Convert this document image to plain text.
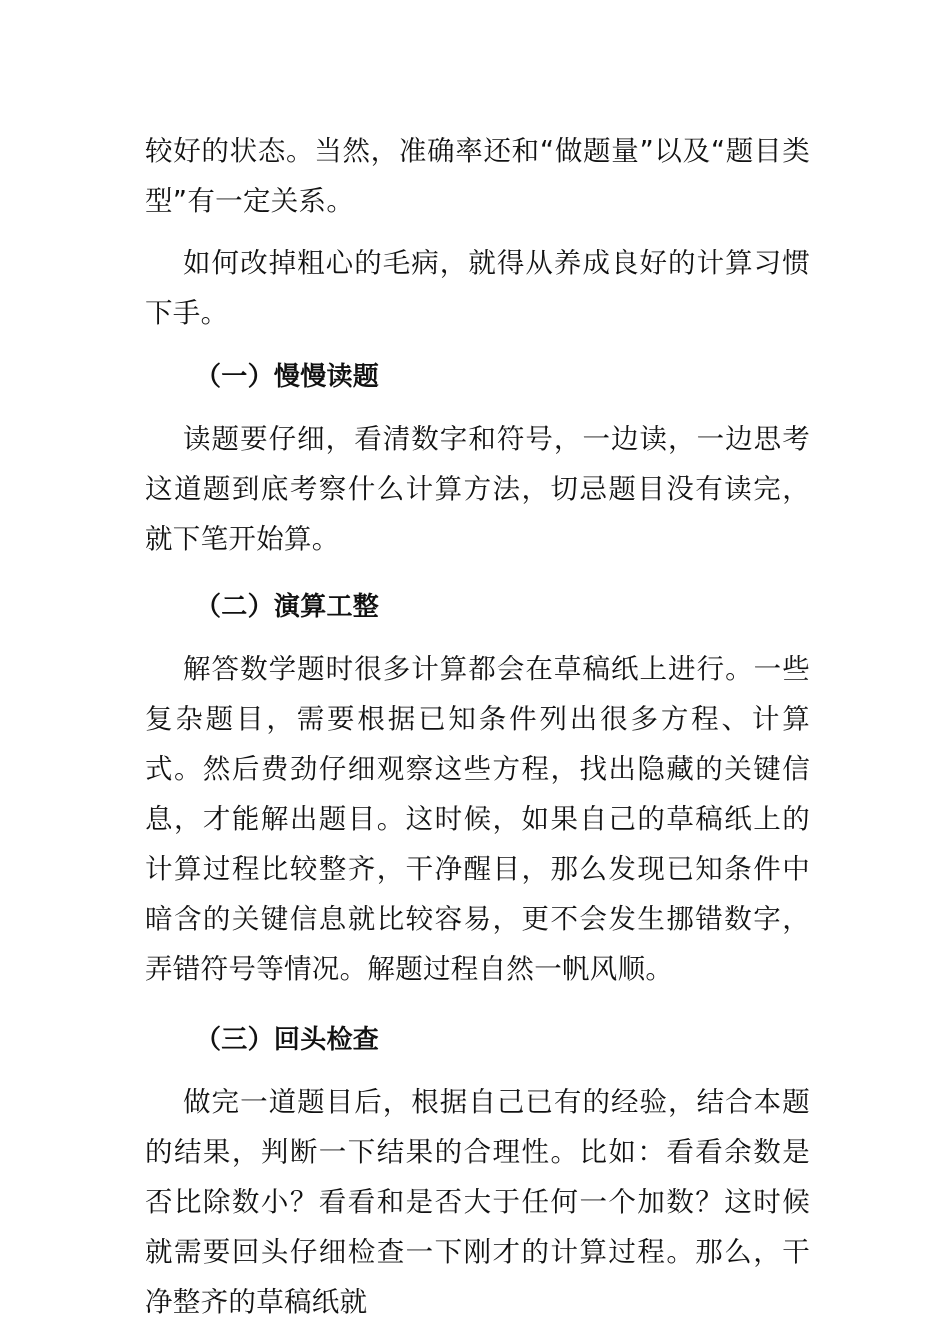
较好的状态。当然，准确率还和“做题量”以及“题目类型”有一定关系。

如何改掉粗心的毛病，就得从养成良好的计算习惯下手。

（一）慢慢读题

读题要仔细，看清数字和符号，一边读，一边思考这道题到底考察什么计算方法，切忌题目没有读完，就下笔开始算。

（二）演算工整

解答数学题时很多计算都会在草稿纸上进行。一些复杂题目，需要根据已知条件列出很多方程、计算式。然后费劲仔细观察这些方程，找出隐藏的关键信息，才能解出题目。这时候，如果自己的草稿纸上的计算过程比较整齐，干净醒目，那么发现已知条件中暗含的关键信息就比较容易，更不会发生挪错数字，弄错符号等情况。解题过程自然一帆风顺。

（三）回头检查

做完一道题目后，根据自己已有的经验，结合本题的结果，判断一下结果的合理性。比如：看看余数是否比除数小？看看和是否大于任何一个加数？这时候就需要回头仔细检查一下刚才的计算过程。那么，干净整齐的草稿纸就
